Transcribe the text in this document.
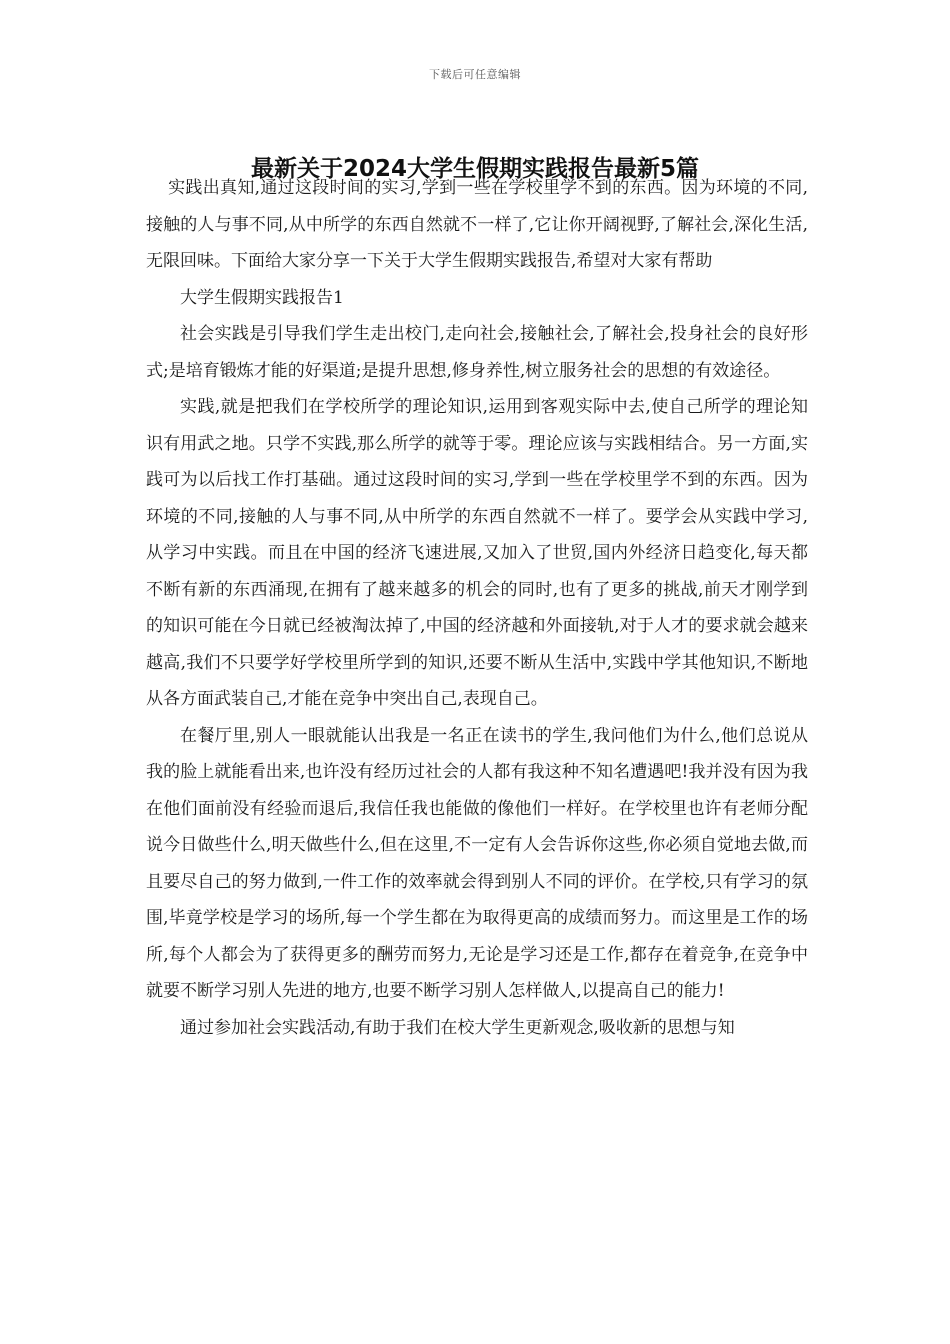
下载后可任意编辑
最新关于2024大学生假期实践报告最新5篇

实践出真知,通过这段时间的实习,学到一些在学校里学不到的东西。因为环境的不同,接触的人与事不同,从中所学的东西自然就不一样了,它让你开阔视野,了解社会,深化生活,无限回味。下面给大家分享一下关于大学生假期实践报告,希望对大家有帮助

大学生假期实践报告1

社会实践是引导我们学生走出校门,走向社会,接触社会,了解社会,投身社会的良好形式;是培育锻炼才能的好渠道;是提升思想,修身养性,树立服务社会的思想的有效途径。

实践,就是把我们在学校所学的理论知识,运用到客观实际中去,使自己所学的理论知识有用武之地。只学不实践,那么所学的就等于零。理论应该与实践相结合。另一方面,实践可为以后找工作打基础。通过这段时间的实习,学到一些在学校里学不到的东西。因为环境的不同,接触的人与事不同,从中所学的东西自然就不一样了。要学会从实践中学习,从学习中实践。而且在中国的经济飞速进展,又加入了世贸,国内外经济日趋变化,每天都不断有新的东西涌现,在拥有了越来越多的机会的同时,也有了更多的挑战,前天才刚学到的知识可能在今日就已经被淘汰掉了,中国的经济越和外面接轨,对于人才的要求就会越来越高,我们不只要学好学校里所学到的知识,还要不断从生活中,实践中学其他知识,不断地从各方面武装自己,才能在竞争中突出自己,表现自己。

在餐厅里,别人一眼就能认出我是一名正在读书的学生,我问他们为什么,他们总说从我的脸上就能看出来,也许没有经历过社会的人都有我这种不知名遭遇吧!我并没有因为我在他们面前没有经验而退后,我信任我也能做的像他们一样好。在学校里也许有老师分配说今日做些什么,明天做些什么,但在这里,不一定有人会告诉你这些,你必须自觉地去做,而且要尽自己的努力做到,一件工作的效率就会得到别人不同的评价。在学校,只有学习的氛围,毕竟学校是学习的场所,每一个学生都在为取得更高的成绩而努力。而这里是工作的场所,每个人都会为了获得更多的酬劳而努力,无论是学习还是工作,都存在着竞争,在竞争中就要不断学习别人先进的地方,也要不断学习别人怎样做人,以提高自己的能力!

通过参加社会实践活动,有助于我们在校大学生更新观念,吸收新的思想与知
